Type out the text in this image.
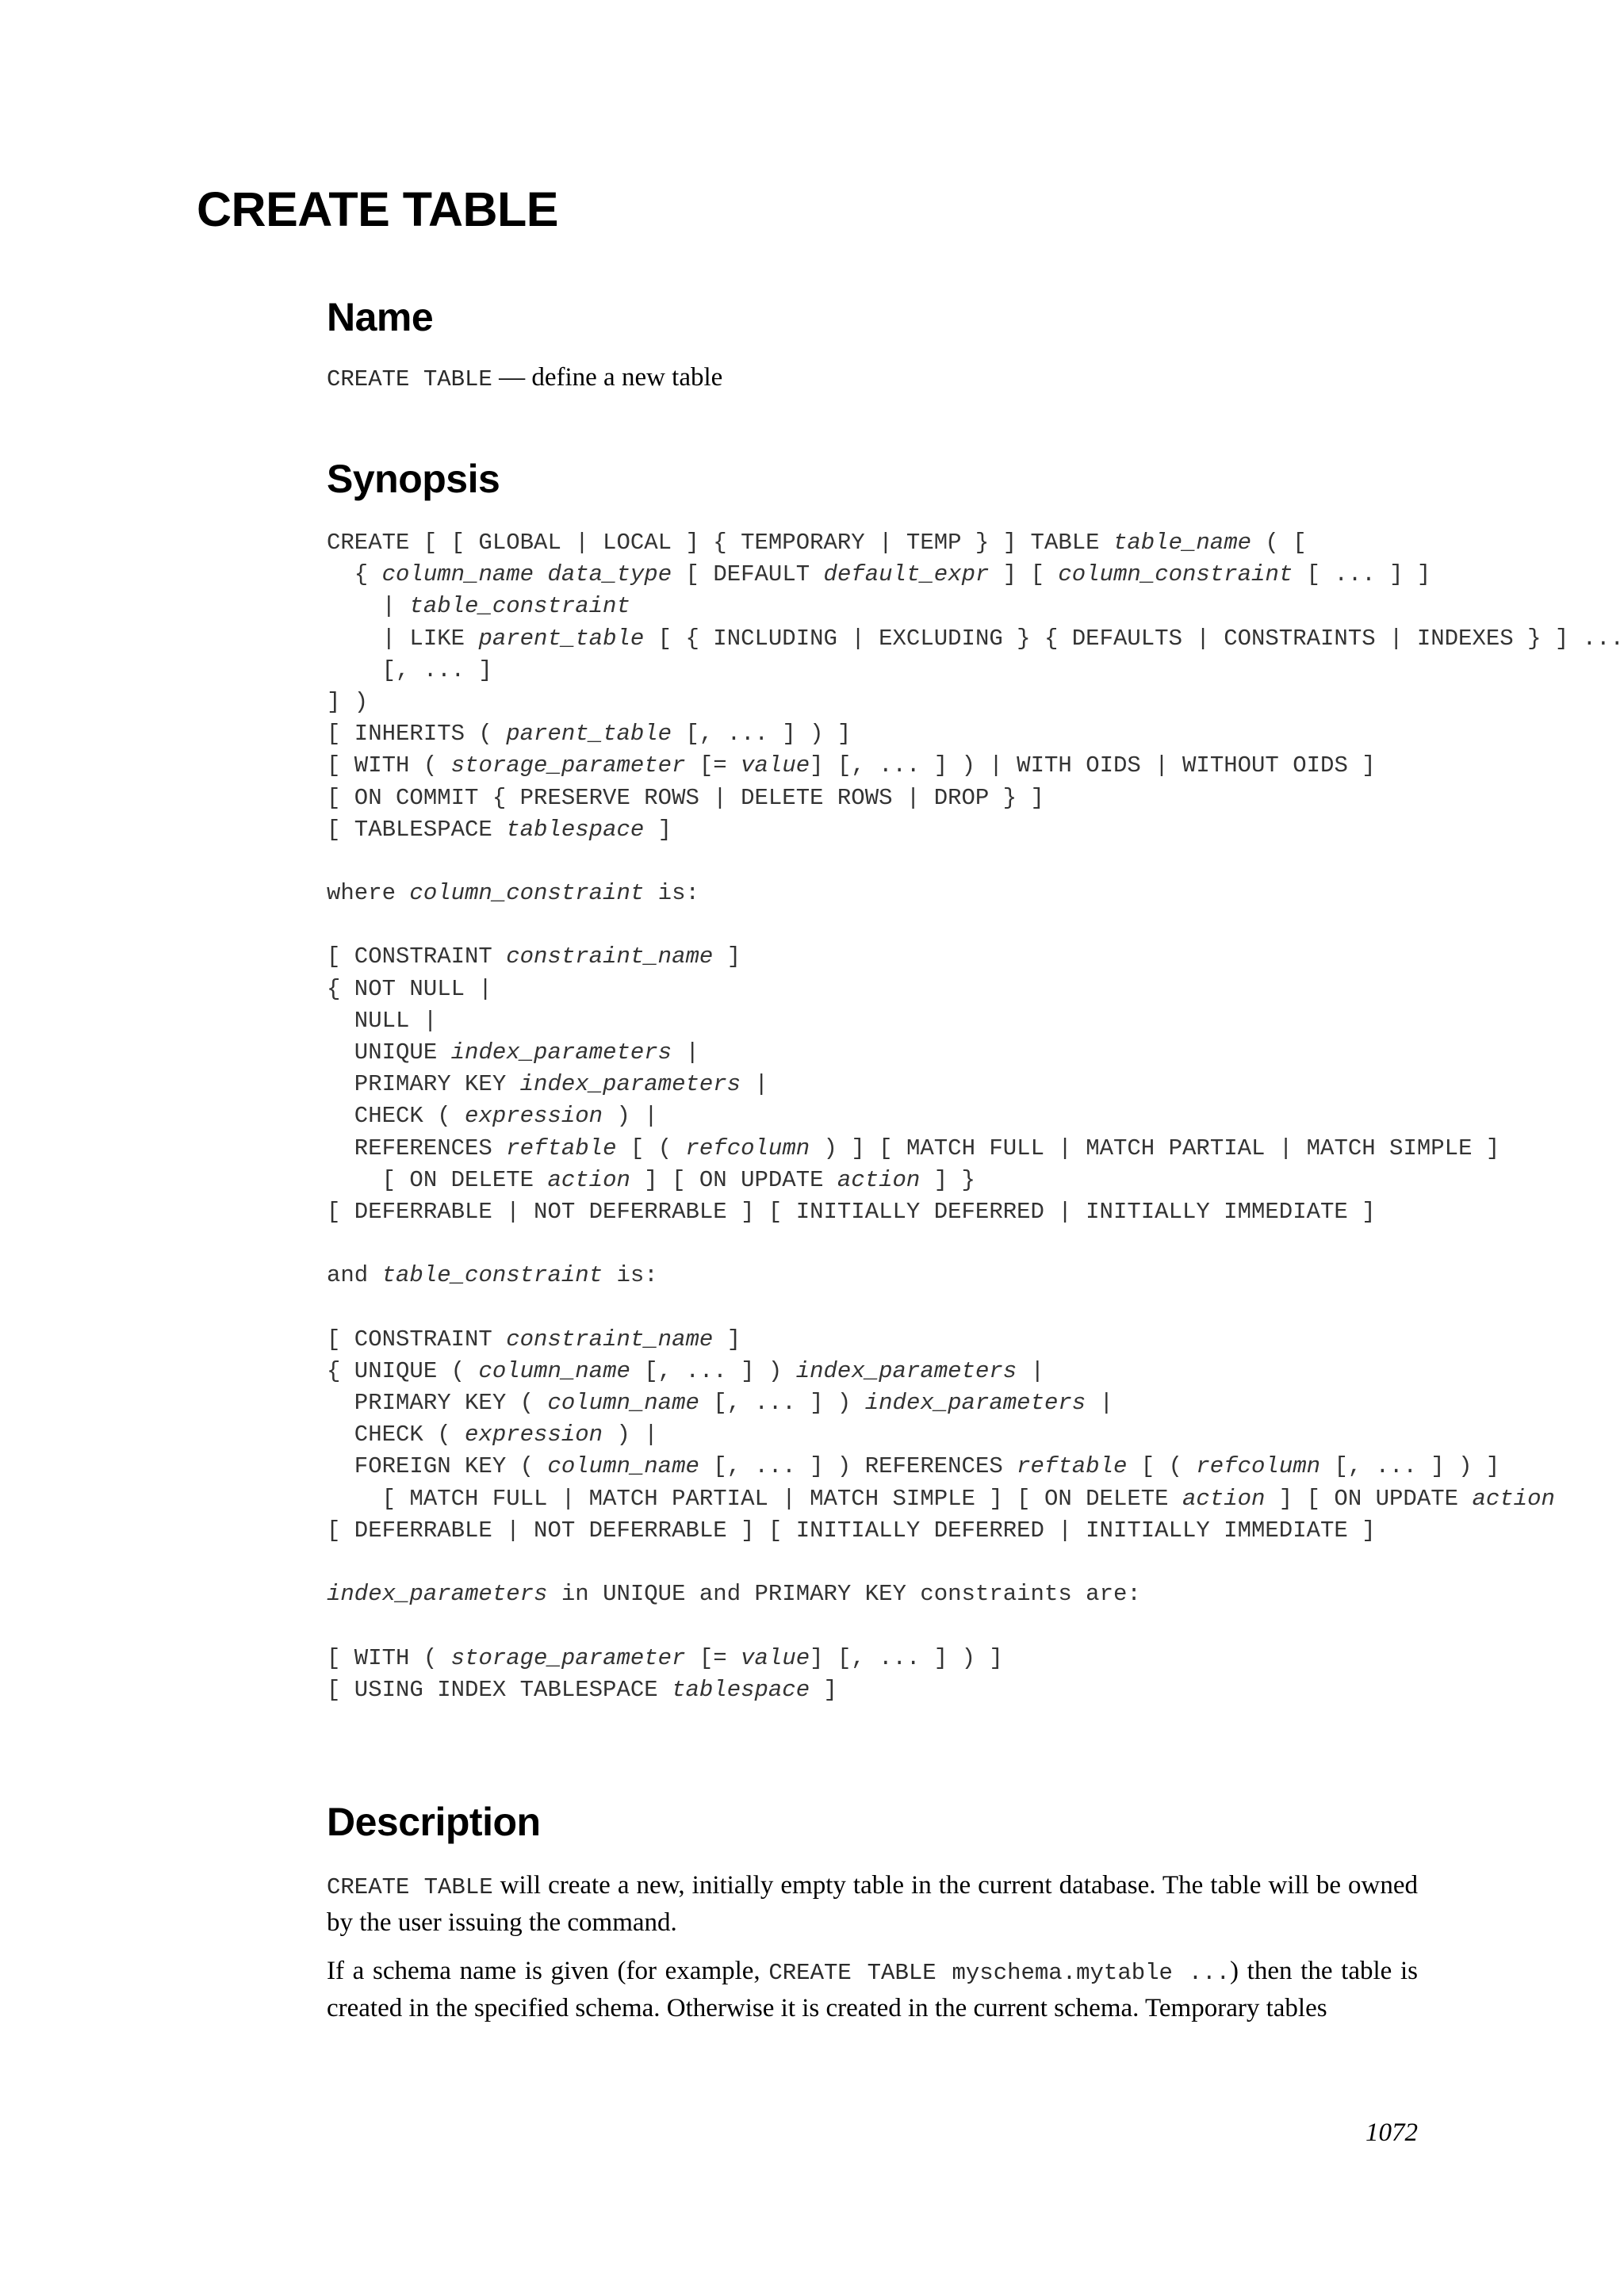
CREATE TABLE
Name

CREATE TABLE — define a new table

Synopsis
CREATE [ [ GLOBAL | LOCAL ] { TEMPORARY | TEMP } ] TABLE table_name ( [
{ column_name data_type [ DEFAULT default_expr ] [ column_constraint [ ... ] ]
| table_constraint
| LIKE parent_table [ { INCLUDING | EXCLUDING } { DEFAULTS | CONSTRAINTS | INDEXES } ] ...
[, ... ]
] )
[ INHERITS ( parent_table [, ... ] ) ]
[ WITH ( storage_parameter [= value] [, ... ] ) | WITH OIDS | WITHOUT OIDS ]
[ ON COMMIT { PRESERVE ROWS | DELETE ROWS | DROP } ]
[ TABLESPACE tablespace ]
where column_constraint is:
[ CONSTRAINT constraint_name ]
{ NOT NULL |
NULL |
UNIQUE index_parameters |
PRIMARY KEY index_parameters |
CHECK ( expression ) |
REFERENCES reftable [ ( refcolumn ) ] [ MATCH FULL | MATCH PARTIAL | MATCH SIMPLE ]
[ ON DELETE action ] [ ON UPDATE action ] }
[ DEFERRABLE | NOT DEFERRABLE ] [ INITIALLY DEFERRED | INITIALLY IMMEDIATE ]
and table_constraint is:
[ CONSTRAINT constraint_name ]
{ UNIQUE ( column_name [, ... ] ) index_parameters |
PRIMARY KEY ( column_name [, ... ] ) index_parameters |
CHECK ( expression ) |
FOREIGN KEY ( column_name [, ... ] ) REFERENCES reftable [ ( refcolumn [, ... ] ) ]
[ MATCH FULL | MATCH PARTIAL | MATCH SIMPLE ] [ ON DELETE action ] [ ON UPDATE action
[ DEFERRABLE | NOT DEFERRABLE ] [ INITIALLY DEFERRED | INITIALLY IMMEDIATE ]
index_parameters in UNIQUE and PRIMARY KEY constraints are:
[ WITH ( storage_parameter [= value] [, ... ] ) ]
[ USING INDEX TABLESPACE tablespace ]
Description

CREATE TABLE will create a new, initially empty table in the current database. The table will be owned by the user issuing the command.

If a schema name is given (for example, CREATE TABLE myschema.mytable ...) then the table is created in the specified schema. Otherwise it is created in the current schema. Temporary tables

1072
